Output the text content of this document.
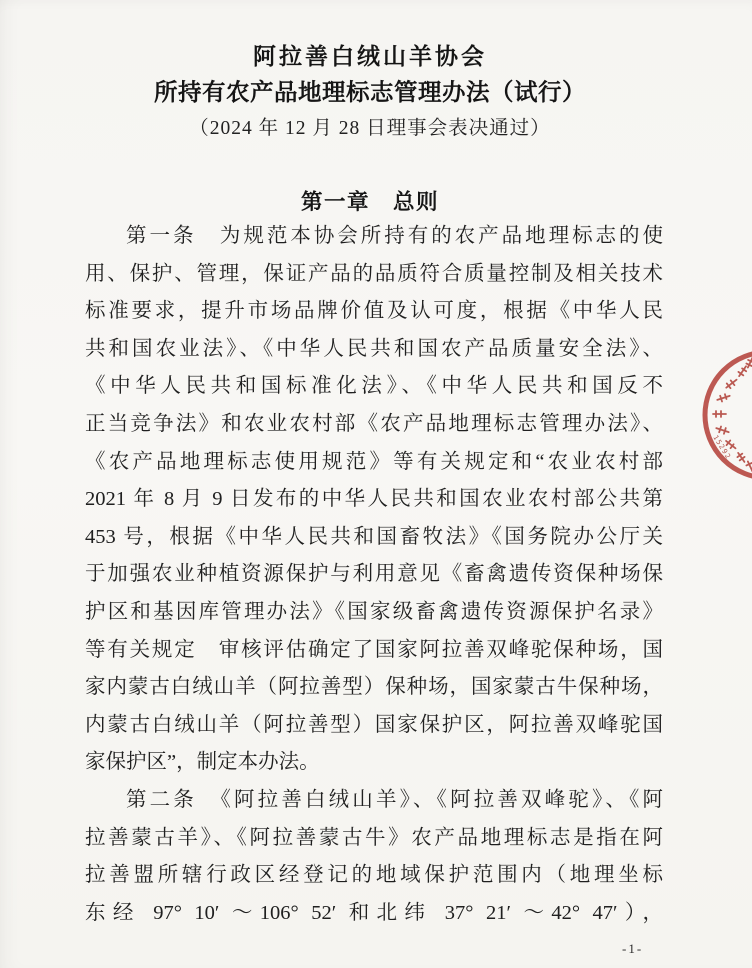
阿拉善白绒山羊协会
所持有农产品地理标志管理办法（试行）
（2024 年 12 月 28 日理事会表决通过）
第一章　总则
第一条　为规范本协会所持有的农产品地理标志的使
用、保护、管理，保证产品的品质符合质量控制及相关技术
标准要求，提升市场品牌价值及认可度，根据《中华人民
共和国农业法》、《中华人民共和国农产品质量安全法》、
《中华人民共和国标准化法》、《中华人民共和国反不
正当竞争法》和农业农村部《农产品地理标志管理办法》、
《农产品地理标志使用规范》等有关规定和“农业农村部
2021 年 8 月 9 日发布的中华人民共和国农业农村部公共第
453 号，根据《中华人民共和国畜牧法》《国务院办公厅关
于加强农业种植资源保护与利用意见《畜禽遗传资保种场保
护区和基因库管理办法》《国家级畜禽遗传资源保护名录》
等有关规定　审核评估确定了国家阿拉善双峰驼保种场，国
家内蒙古白绒山羊（阿拉善型）保种场，国家蒙古牛保种场，
内蒙古白绒山羊（阿拉善型）国家保护区，阿拉善双峰驼国
家保护区”，制定本办法。
第二条　《阿拉善白绒山羊》、《阿拉善双峰驼》、《阿
拉善蒙古羊》、《阿拉善蒙古牛》农产品地理标志是指在阿
拉善盟所辖行政区经登记的地域保护范围内（地理坐标
东经 97° 10′ ～106° 52′ 和北纬 37° 21′ ～42° 47′），
15292
-1-
